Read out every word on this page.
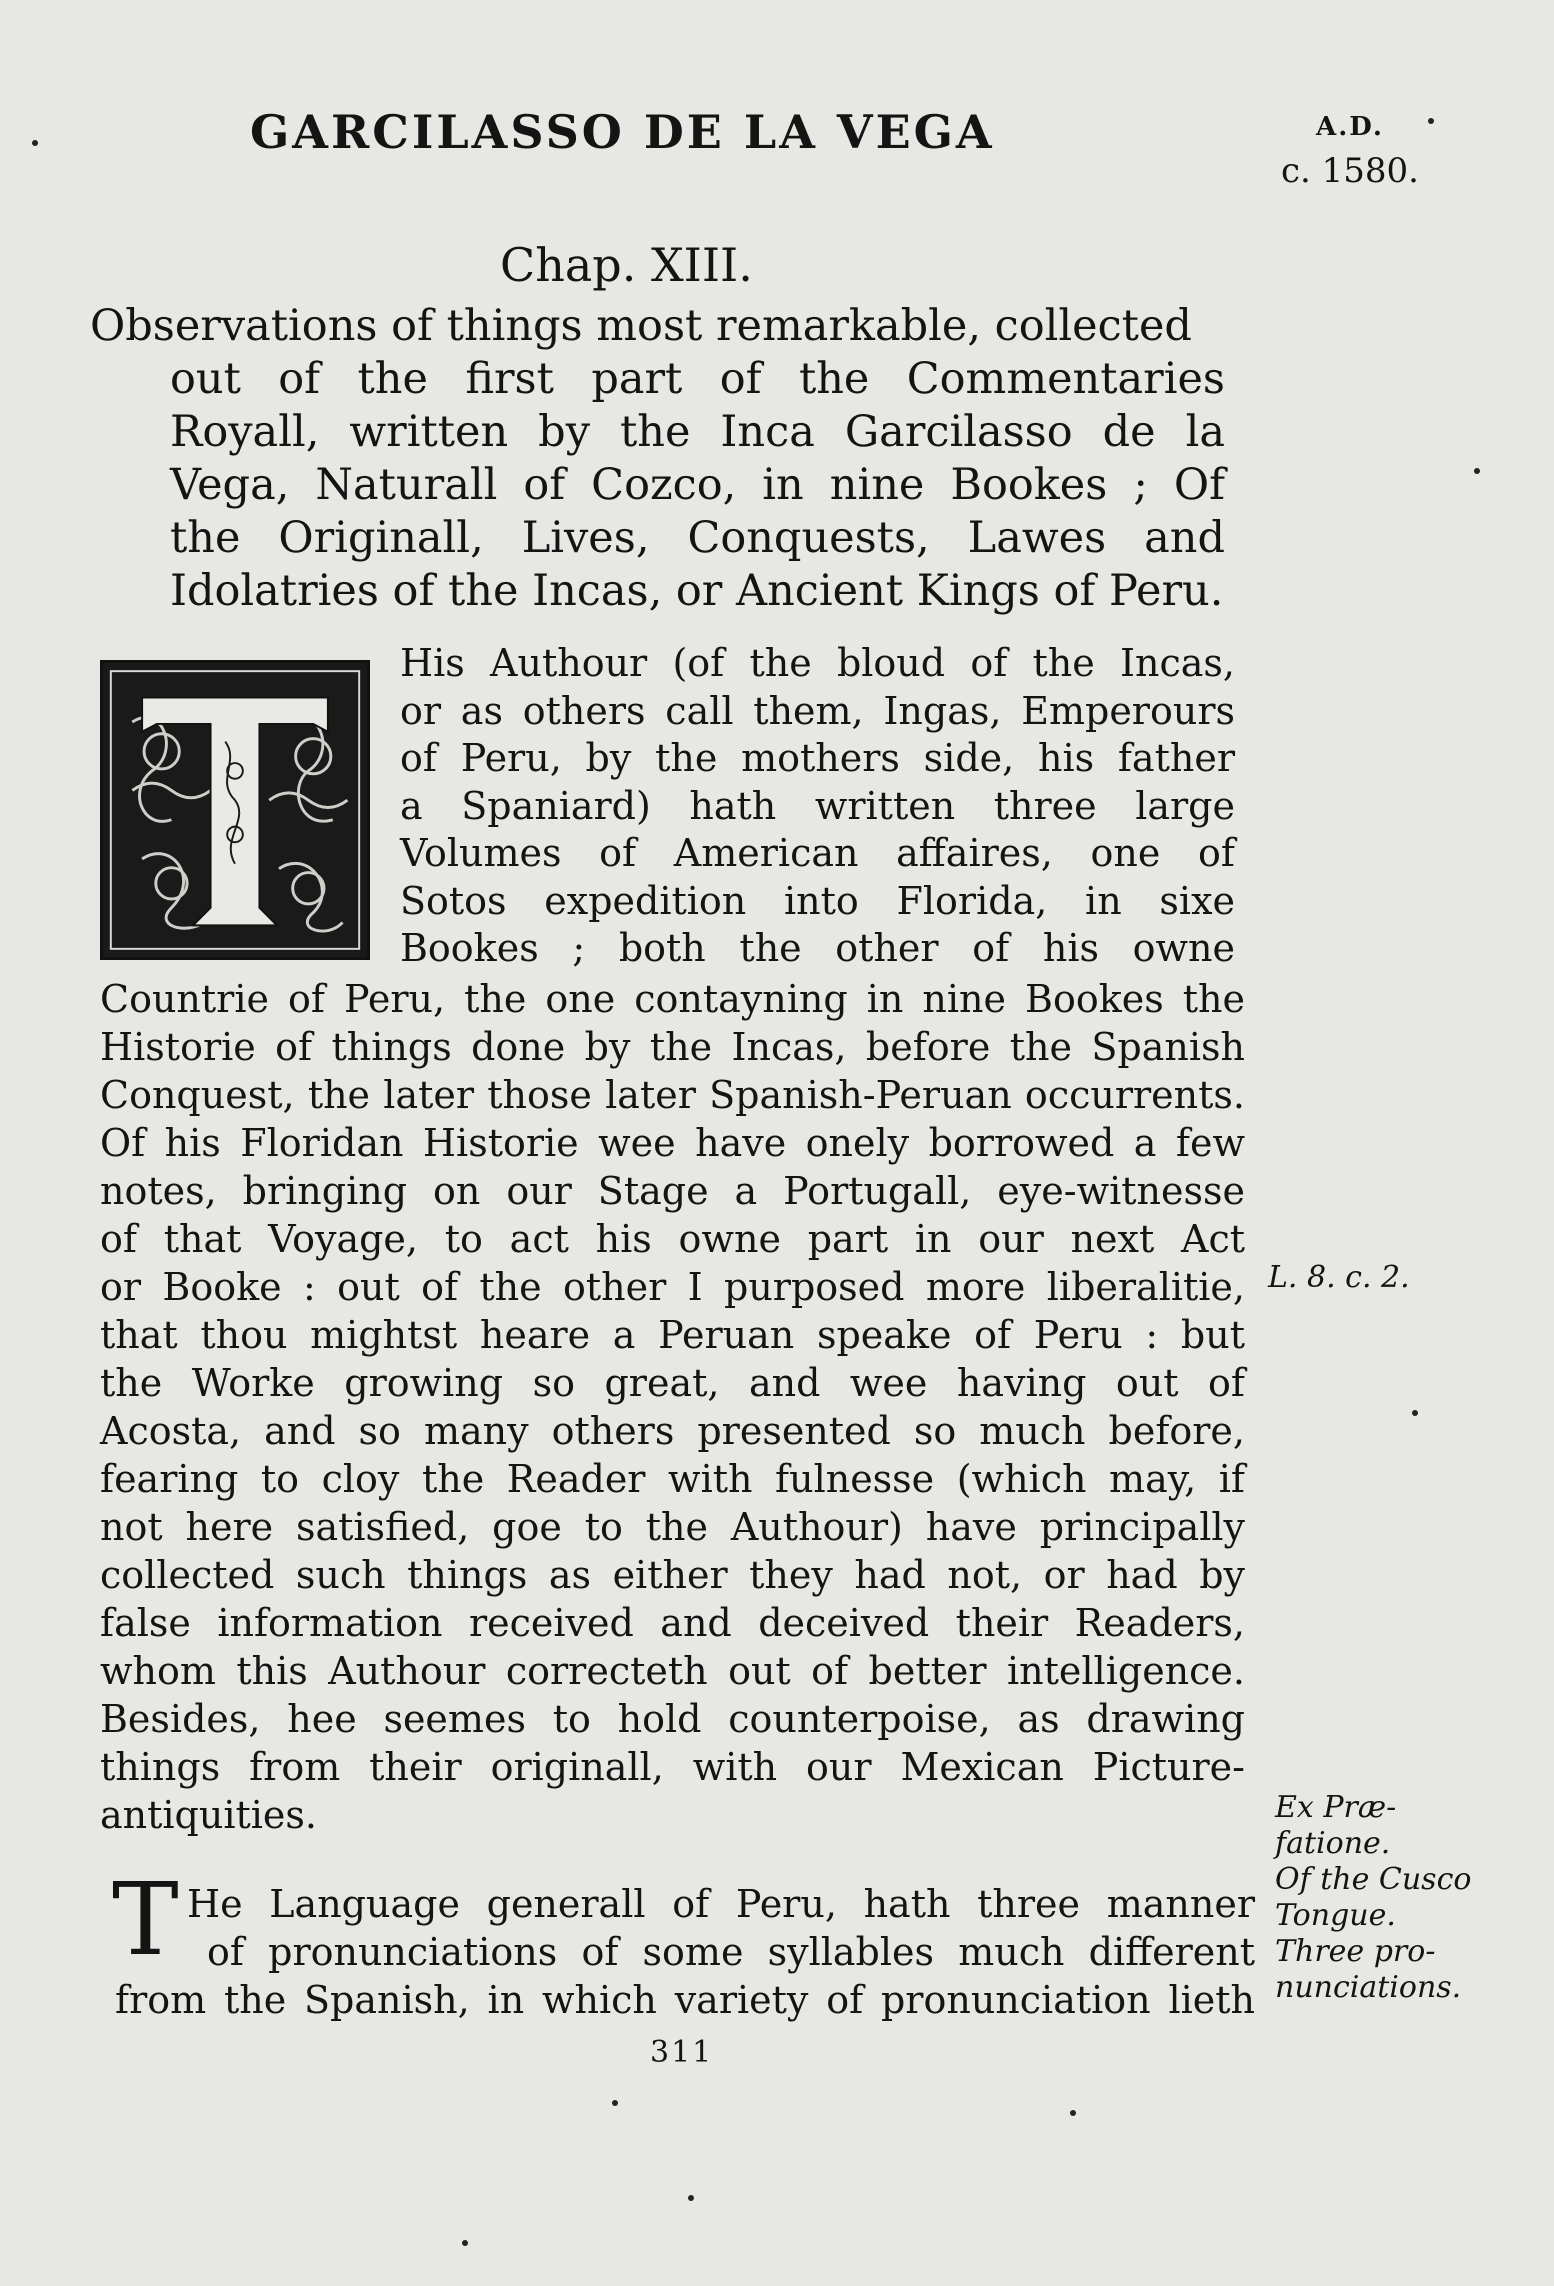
GARCILASSO DE LA VEGA	A.D.
c. 1580.
Chap. XIII.
Observations of things most remarkable, collected
out of the first part of the Commentaries
Royall, written by the Inca Garcilasso de la
Vega, Naturall of Cozco, in nine Bookes ; Of
the Originall, Lives, Conquests, Lawes and
Idolatries of the Incas, or Ancient Kings of Peru.
His Authour (of the bloud of the Incas,
or as others call them, Ingas, Emperours
of Peru, by the mothers side, his father
a Spaniard) hath written three large
Volumes of American affaires, one of
Sotos expedition into Florida, in sixe
Bookes ; both the other of his owne
Countrie of Peru, the one contayning in nine Bookes the
Historie of things done by the Incas, before the Spanish
Conquest, the later those later Spanish-Peruan occurrents.
Of his Floridan Historie wee have onely borrowed a few
notes, bringing on our Stage a Portugall, eye-witnesse
of that Voyage, to act his owne part in our next Act
or Booke : out of the other I purposed more liberalitie,
that thou mightst heare a Peruan speake of Peru : but
the Worke growing so great, and wee having out of
Acosta, and so many others presented so much before,
fearing to cloy the Reader with fulnesse (which may, if
not here satisfied, goe to the Authour) have principally
collected such things as either they had not, or had by
false information received and deceived their Readers,
whom this Authour correcteth out of better intelligence.
Besides, hee seemes to hold counterpoise, as drawing
things from their originall, with our Mexican Picture-
antiquities.
T He Language generall of Peru, hath three manner
of pronunciations of some syllables much different
from the Spanish, in which variety of pronunciation lieth
L. 8. c. 2.
Ex Præ-
fatione.
Of the Cusco
Tongue.
Three pro-
nunciations.
311
